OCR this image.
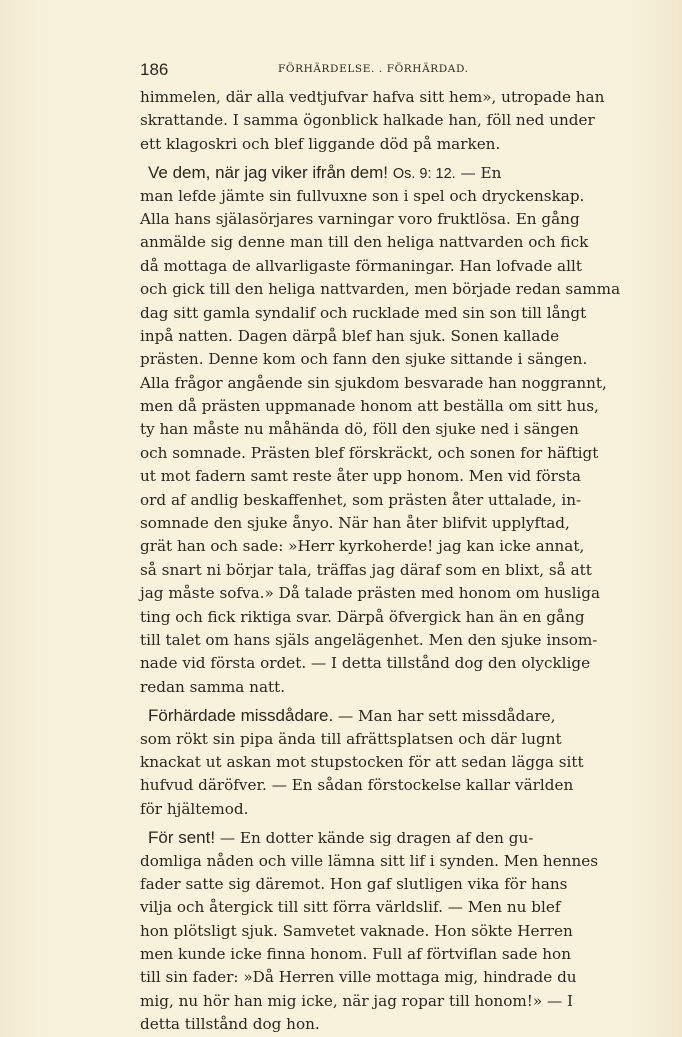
186	FÖRHÄRDELSE. . FÖRHÄRDAD.
himmelen, där alla vedtjufvar hafva sitt hem», utropade han
skrattande. I samma ögonblick halkade han, föll ned under
ett klagoskri och blef liggande död på marken.
Ve dem, när jag viker ifrån dem! Os. 9: 12. — En
man lefde jämte sin fullvuxne son i spel och dryckenskap.
Alla hans själasörjares varningar voro fruktlösa. En gång
anmälde sig denne man till den heliga nattvarden och fick
då mottaga de allvarligaste förmaningar. Han lofvade allt
och gick till den heliga nattvarden, men började redan samma
dag sitt gamla syndalif och rucklade med sin son till långt
inpå natten. Dagen därpå blef han sjuk. Sonen kallade
prästen. Denne kom och fann den sjuke sittande i sängen.
Alla frågor angående sin sjukdom besvarade han noggrannt,
men då prästen uppmanade honom att beställa om sitt hus,
ty han måste nu måhända dö, föll den sjuke ned i sängen
och somnade. Prästen blef förskräckt, och sonen for häftigt
ut mot fadern samt reste åter upp honom. Men vid första
ord af andlig beskaffenhet, som prästen åter uttalade, in-
somnade den sjuke ånyo. När han åter blifvit upplyftad,
grät han och sade: »Herr kyrkoherde! jag kan icke annat,
så snart ni börjar tala, träffas jag däraf som en blixt, så att
jag måste sofva.» Då talade prästen med honom om husliga
ting och fick riktiga svar. Därpå öfvergick han än en gång
till talet om hans själs angelägenhet. Men den sjuke insom-
nade vid första ordet. — I detta tillstånd dog den olycklige
redan samma natt.
Förhärdade missdådare. — Man har sett missdådare,
som rökt sin pipa ända till afrättsplatsen och där lugnt
knackat ut askan mot stupstocken för att sedan lägga sitt
hufvud däröfver. — En sådan förstockelse kallar världen
för hjältemod.
För sent! — En dotter kände sig dragen af den gu-
domliga nåden och ville lämna sitt lif i synden. Men hennes
fader satte sig däremot. Hon gaf slutligen vika för hans
vilja och återgick till sitt förra världslif. — Men nu blef
hon plötsligt sjuk. Samvetet vaknade. Hon sökte Herren
men kunde icke finna honom. Full af förtviflan sade hon
till sin fader: »Då Herren ville mottaga mig, hindrade du
mig, nu hör han mig icke, när jag ropar till honom!» — I
detta tillstånd dog hon.
